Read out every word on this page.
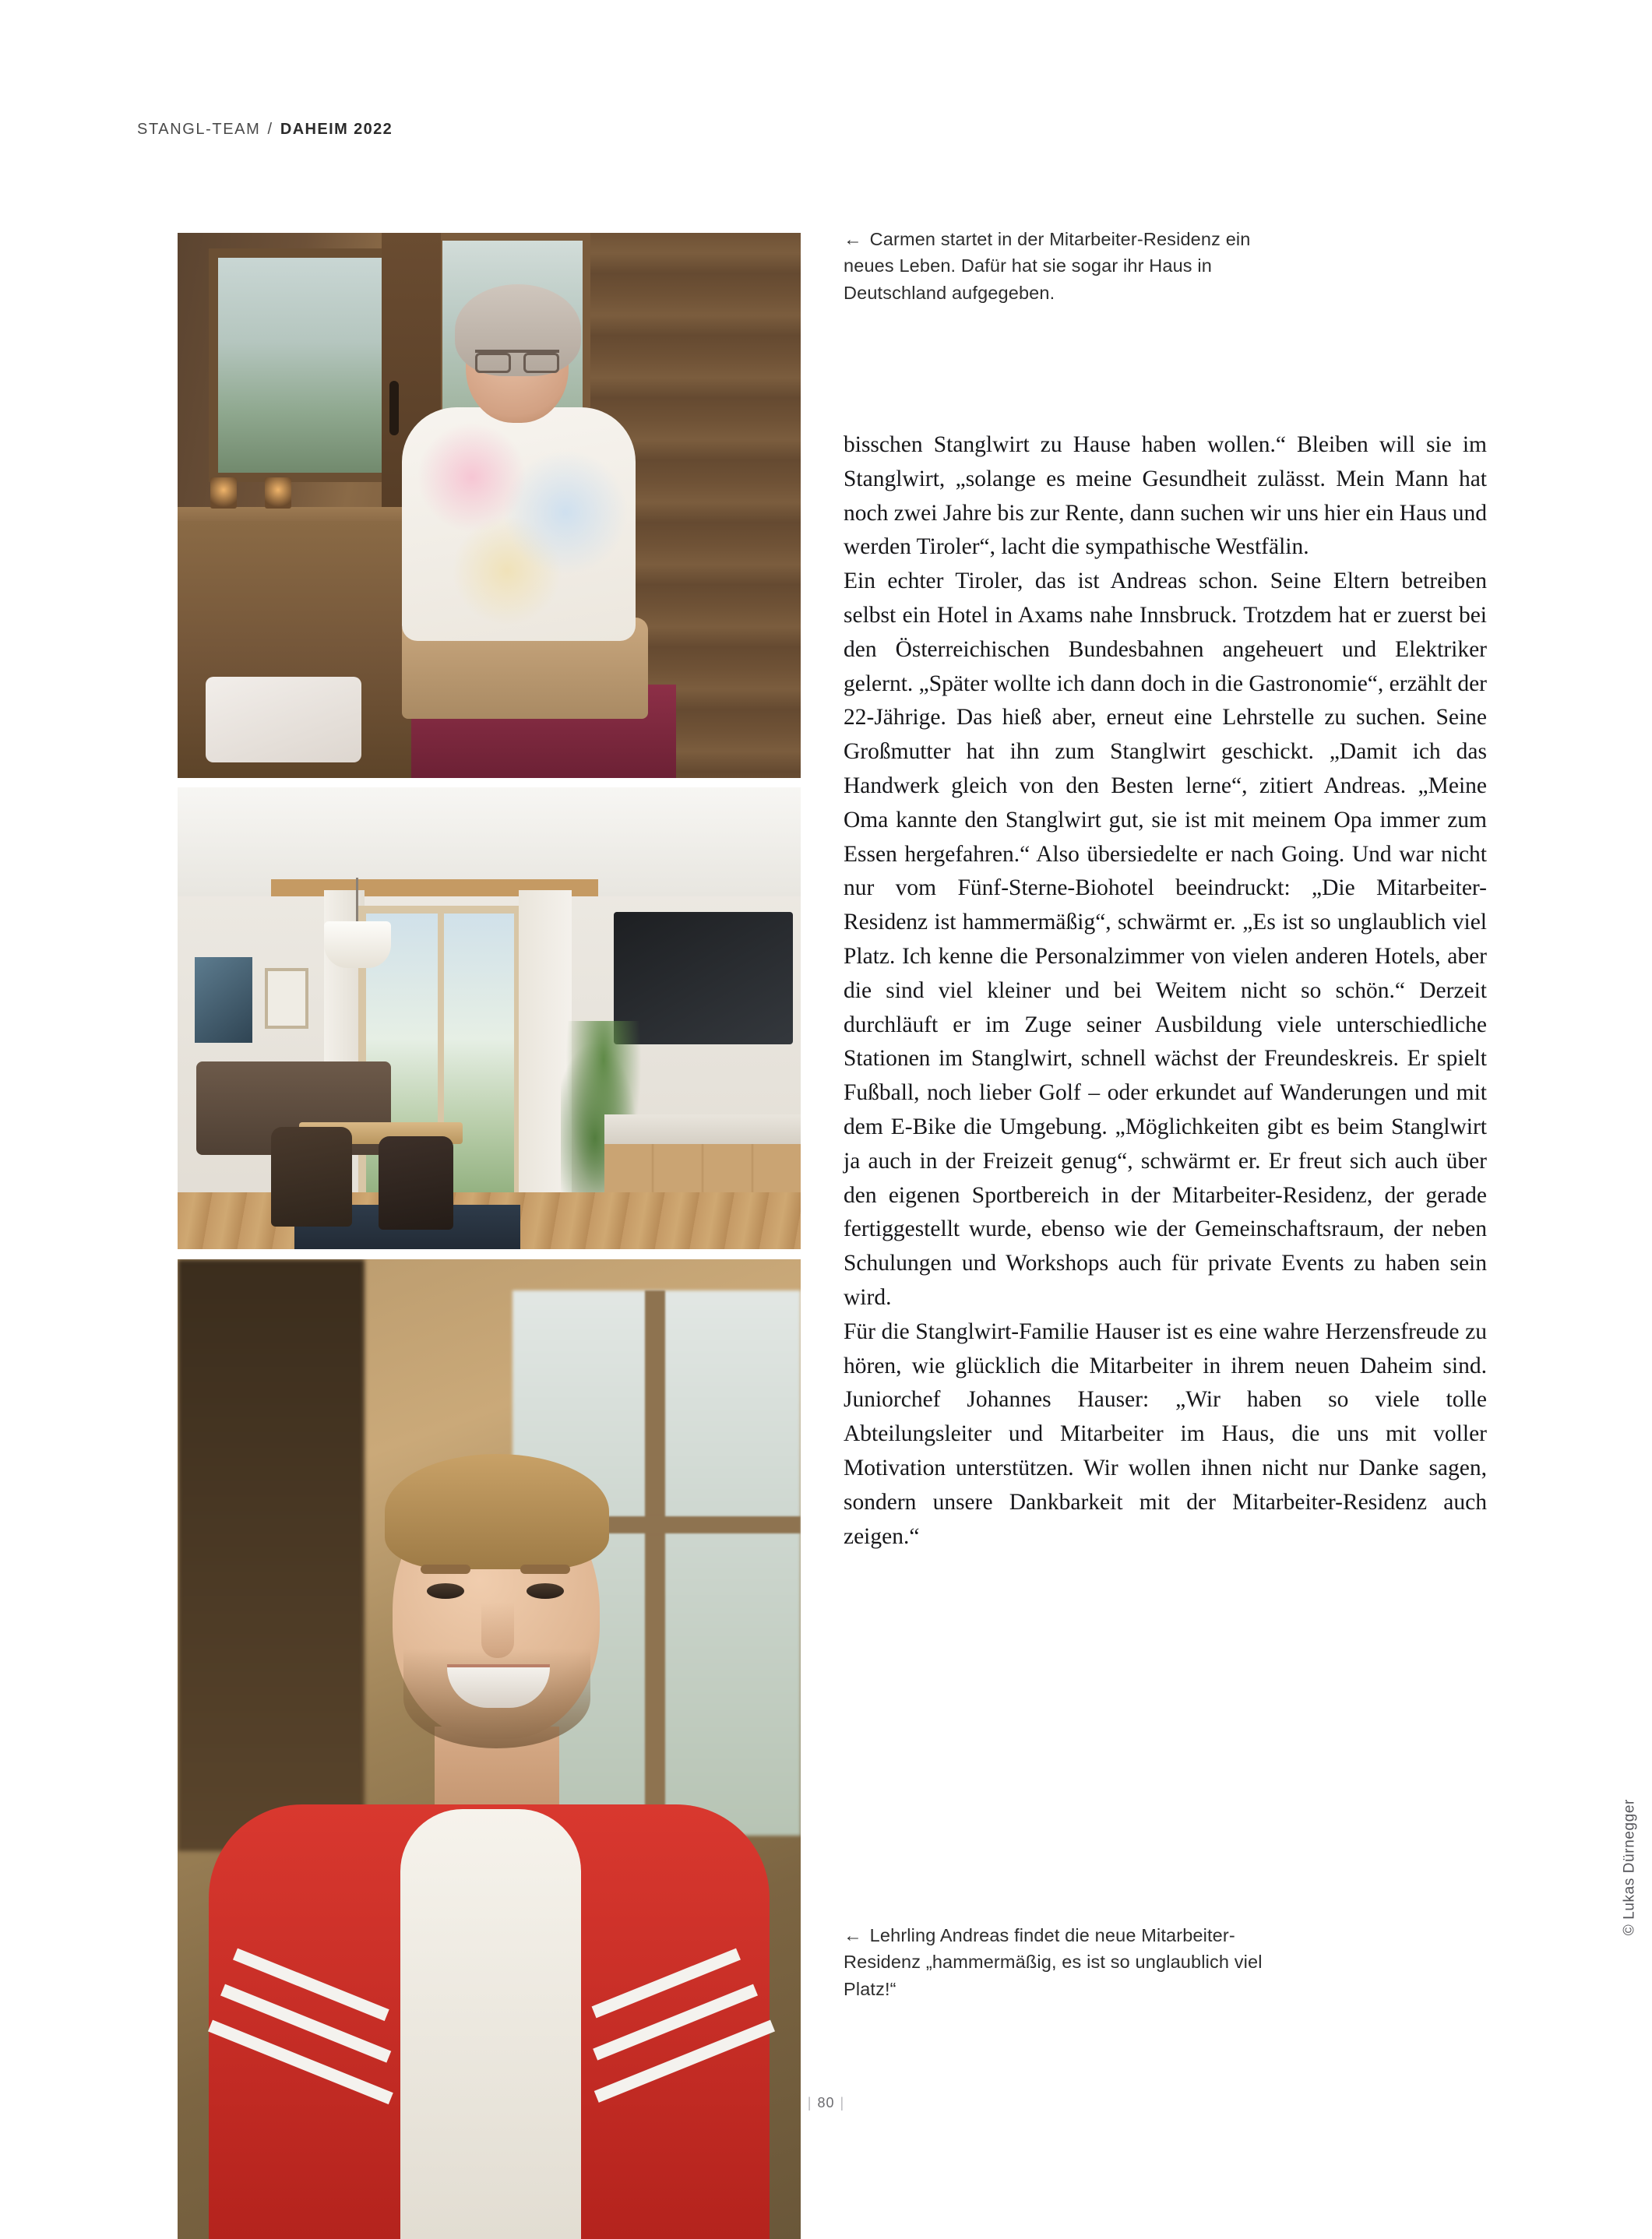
STANGL-TEAM / DAHEIM 2022
← Carmen startet in der Mitarbeiter-Residenz ein neues Leben. Dafür hat sie sogar ihr Haus in Deutschland aufgegeben.

bisschen Stanglwirt zu Hause haben wollen.“ Bleiben will sie im Stanglwirt, „solange es meine Gesundheit zulässt. Mein Mann hat noch zwei Jahre bis zur Rente, dann suchen wir uns hier ein Haus und werden Tiroler“, lacht die sympathische Westfälin.

Ein echter Tiroler, das ist Andreas schon. Seine Eltern betreiben selbst ein Hotel in Axams nahe Innsbruck. Trotzdem hat er zuerst bei den Österreichischen Bundesbahnen angeheuert und Elektriker gelernt. „Später wollte ich dann doch in die Gastronomie“, erzählt der 22-Jährige. Das hieß aber, erneut eine Lehrstelle zu suchen. Seine Großmutter hat ihn zum Stanglwirt geschickt. „Damit ich das Handwerk gleich von den Besten lerne“, zitiert Andreas. „Meine Oma kannte den Stanglwirt gut, sie ist mit meinem Opa immer zum Essen hergefahren.“ Also übersiedelte er nach Going. Und war nicht nur vom Fünf-Sterne-Biohotel beeindruckt: „Die Mitarbeiter-Residenz ist hammermäßig“, schwärmt er. „Es ist so unglaublich viel Platz. Ich kenne die Personalzimmer von vielen anderen Hotels, aber die sind viel kleiner und bei Weitem nicht so schön.“ Derzeit durchläuft er im Zuge seiner Ausbildung viele unterschiedliche Stationen im Stanglwirt, schnell wächst der Freundeskreis. Er spielt Fußball, noch lieber Golf – oder erkundet auf Wanderungen und mit dem E-Bike die Umgebung. „Möglichkeiten gibt es beim Stanglwirt ja auch in der Freizeit genug“, schwärmt er. Er freut sich auch über den eigenen Sportbereich in der Mitarbeiter-Residenz, der gerade fertiggestellt wurde, ebenso wie der Gemeinschaftsraum, der neben Schulungen und Workshops auch für private Events zu haben sein wird.

Für die Stanglwirt-Familie Hauser ist es eine wahre Herzensfreude zu hören, wie glücklich die Mitarbeiter in ihrem neuen Daheim sind. Juniorchef Johannes Hauser: „Wir haben so viele tolle Abteilungsleiter und Mitarbeiter im Haus, die uns mit voller Motivation unterstützen. Wir wollen ihnen nicht nur Danke sagen, sondern unsere Dankbarkeit mit der Mitarbeiter-Residenz auch zeigen.“

← Lehrling Andreas findet die neue Mitarbeiter-Residenz „hammermäßig, es ist so unglaublich viel Platz!“
© Lukas Dürnegger
| 80 |
